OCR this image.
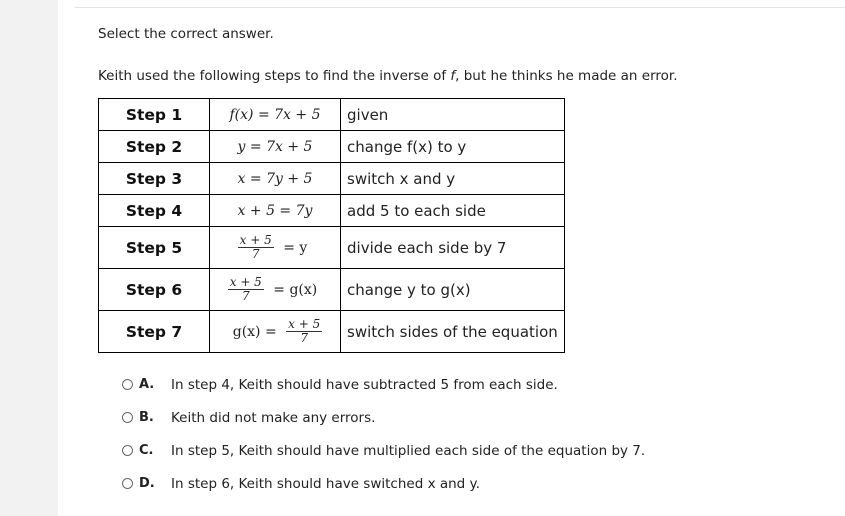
Select the correct answer.
Keith used the following steps to find the inverse of f, but he thinks he made an error.
Step 1	f(x) = 7x + 5	given
Step 2	y = 7x + 5	change f(x) to y
Step 3	x = 7y + 5	switch x and y
Step 4	x + 5 = 7y	add 5 to each side
Step 5	$\frac{x + 5}{7} = y$	divide each side by 7
Step 6	$\frac{x + 5}{7} = g(x)$	change y to g(x)
Step 7	$g(x) = \frac{x + 5}{7}$	switch sides of the equation
A.	In step 4, Keith should have subtracted 5 from each side.
B.	Keith did not make any errors.
C.	In step 5, Keith should have multiplied each side of the equation by 7.
D.	In step 6, Keith should have switched x and y.
